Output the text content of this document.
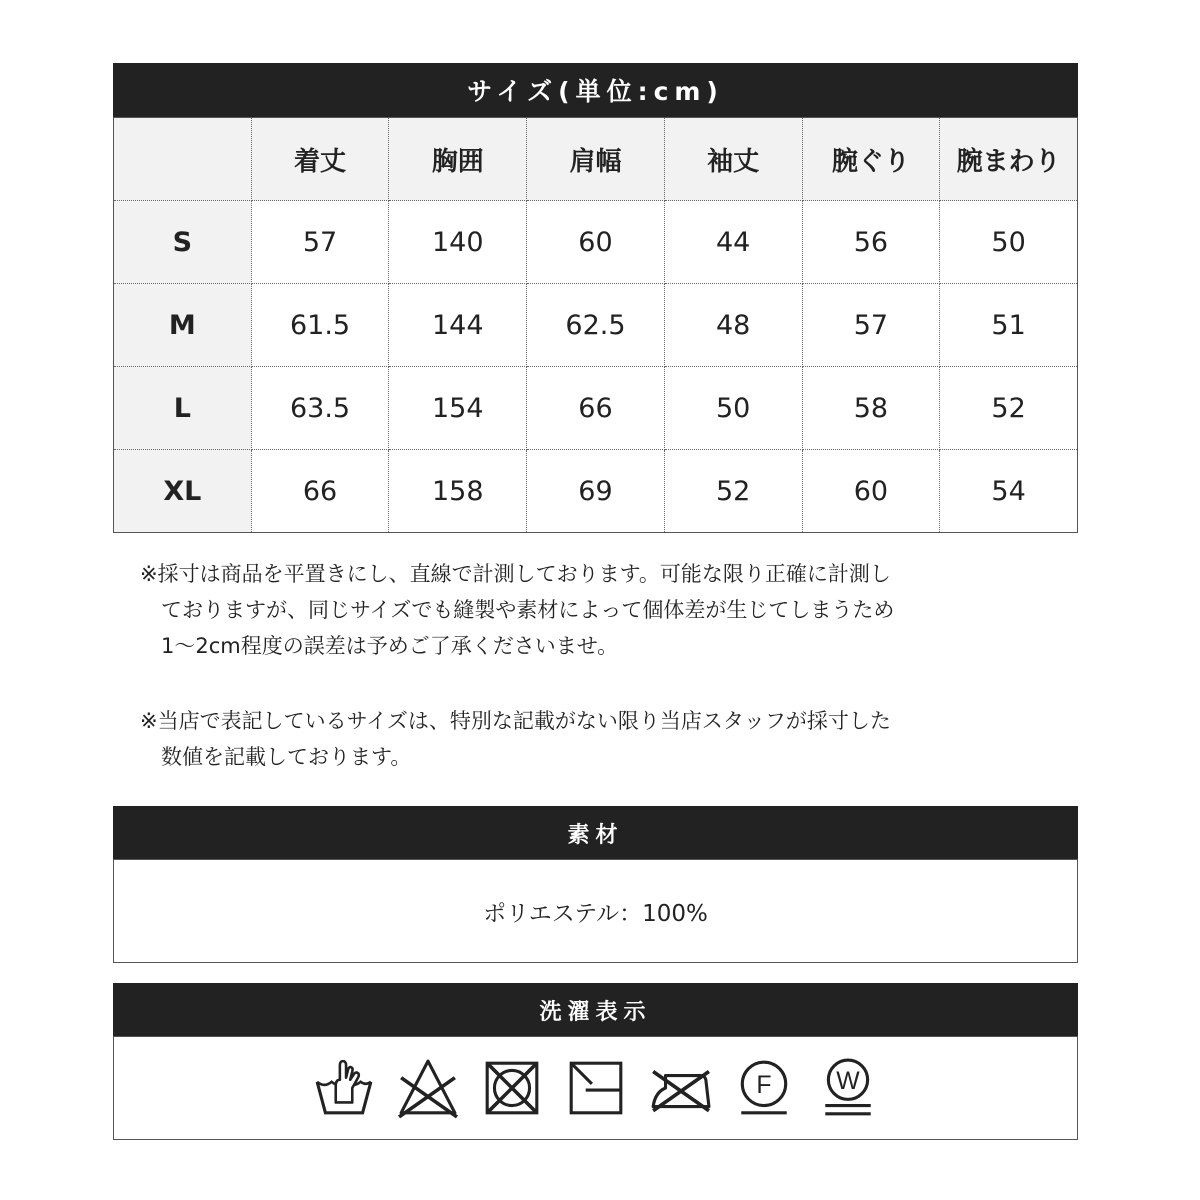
サイズ(単位:cm)
	着丈	胸囲	肩幅	袖丈	腕ぐり	腕まわり
S	57	140	60	44	56	50
M	61.5	144	62.5	48	57	51
L	63.5	154	66	50	58	52
XL	66	158	69	52	60	54

※採寸は商品を平置きにし、直線で計測しております。可能な限り正確に計測し

　ておりますが、同じサイズでも縫製や素材によって個体差が生じてしまうため

　1〜2cm程度の誤差は予めご了承くださいませ。

※当店で表記しているサイズは、特別な記載がない限り当店スタッフが採寸した

　数値を記載しております。

素材
ポリエステル：100%
洗濯表示
F	W
